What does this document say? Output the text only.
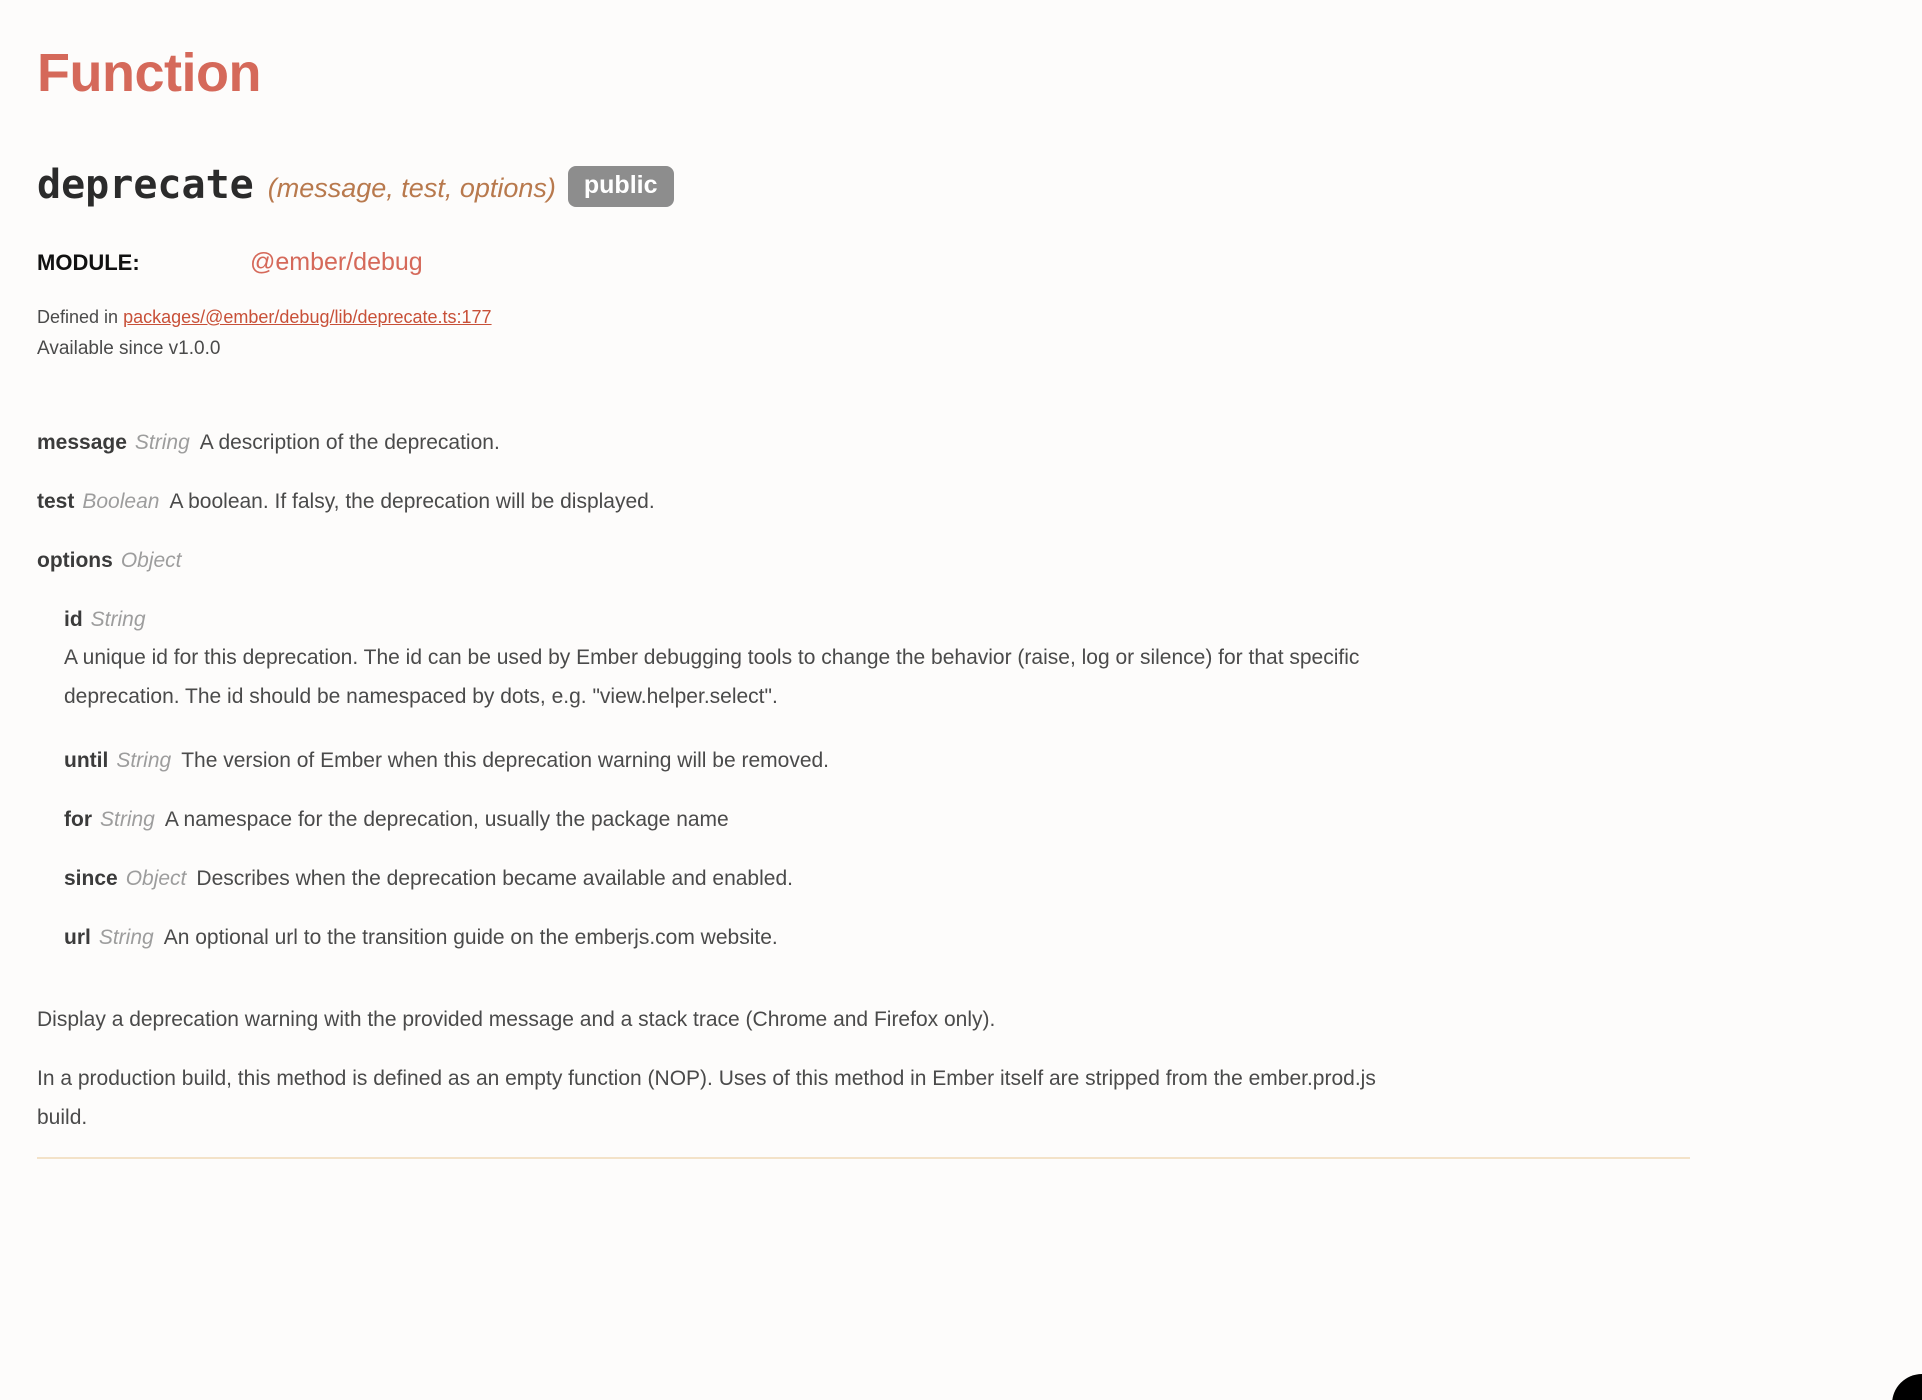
Function
deprecate (message, test, options)	public
MODULE:	@ember/debug
Defined in packages/@ember/debug/lib/deprecate.ts:177
Available since v1.0.0
message String A description of the deprecation.
test Boolean A boolean. If falsy, the deprecation will be displayed.
options Object
id String
A unique id for this deprecation. The id can be used by Ember debugging tools to change the behavior (raise, log or silence) for that specific deprecation. The id should be namespaced by dots, e.g. "view.helper.select".
until String The version of Ember when this deprecation warning will be removed.
for String A namespace for the deprecation, usually the package name
since Object Describes when the deprecation became available and enabled.
url String An optional url to the transition guide on the emberjs.com website.

Display a deprecation warning with the provided message and a stack trace (Chrome and Firefox only).

In a production build, this method is defined as an empty function (NOP). Uses of this method in Ember itself are stripped from the ember.prod.js build.
